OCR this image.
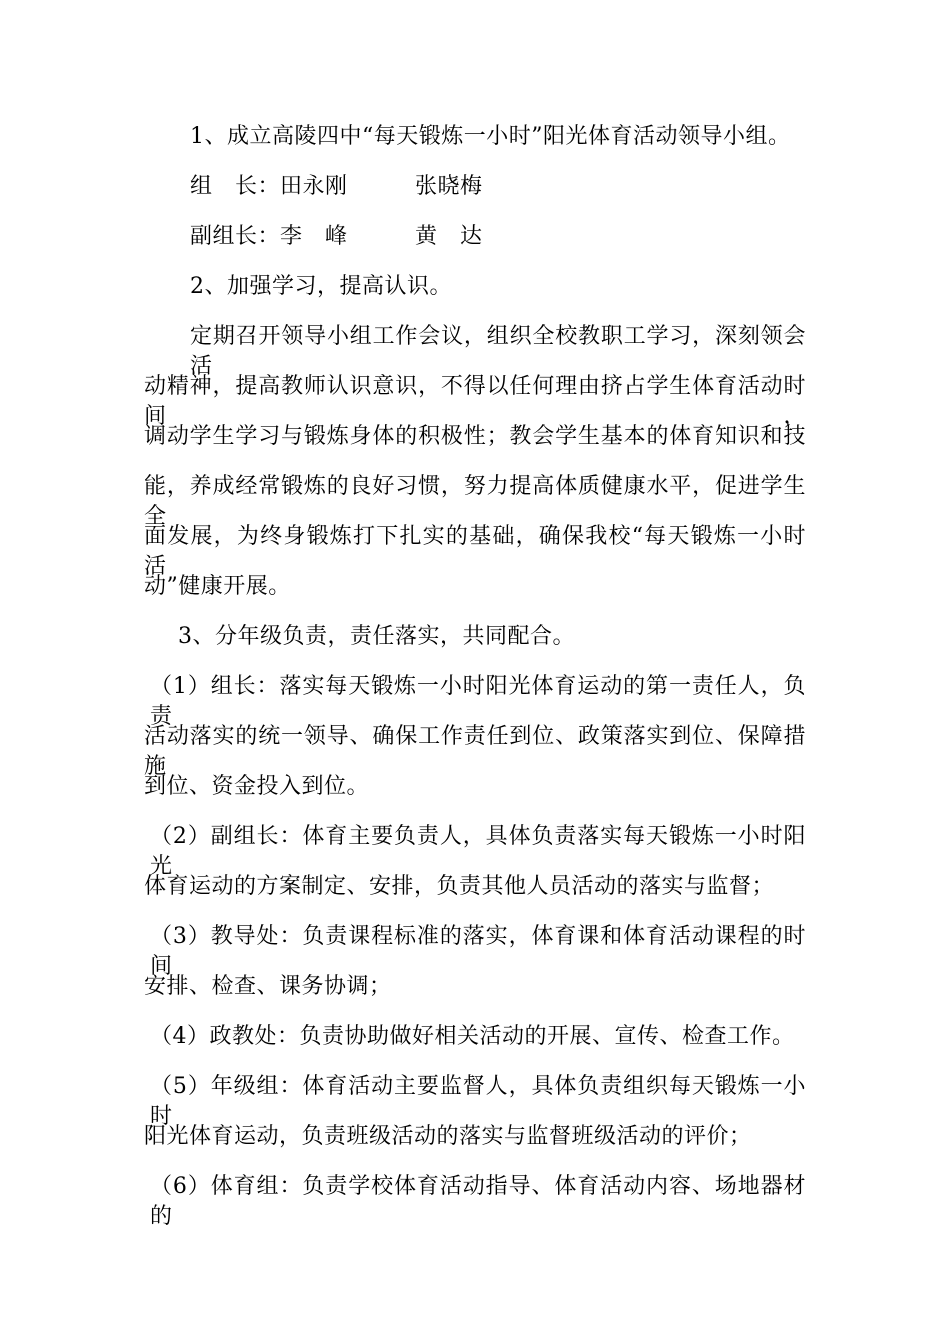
1、成立高陵四中“每天锻炼一小时”阳光体育活动领导小组。
组　长：田永刚　　　张晓梅
副组长：李　峰　　　黄　达
2、加强学习，提高认识。
定期召开领导小组工作会议，组织全校教职工学习，深刻领会活
动精神，提高教师认识意识，不得以任何理由挤占学生体育活动时间，
调动学生学习与锻炼身体的积极性；教会学生基本的体育知识和技
能，养成经常锻炼的良好习惯，努力提高体质健康水平，促进学生全
面发展，为终身锻炼打下扎实的基础，确保我校“每天锻炼一小时活
动”健康开展。
3、分年级负责，责任落实，共同配合。
（1）组长：落实每天锻炼一小时阳光体育运动的第一责任人，负责
活动落实的统一领导、确保工作责任到位、政策落实到位、保障措施
到位、资金投入到位。
（2）副组长：体育主要负责人，具体负责落实每天锻炼一小时阳光
体育运动的方案制定、安排，负责其他人员活动的落实与监督；
（3）教导处：负责课程标准的落实，体育课和体育活动课程的时间
安排、检查、课务协调；
（4）政教处：负责协助做好相关活动的开展、宣传、检查工作。
（5）年级组：体育活动主要监督人，具体负责组织每天锻炼一小时
阳光体育运动，负责班级活动的落实与监督班级活动的评价；
（6）体育组：负责学校体育活动指导、体育活动内容、场地器材的
